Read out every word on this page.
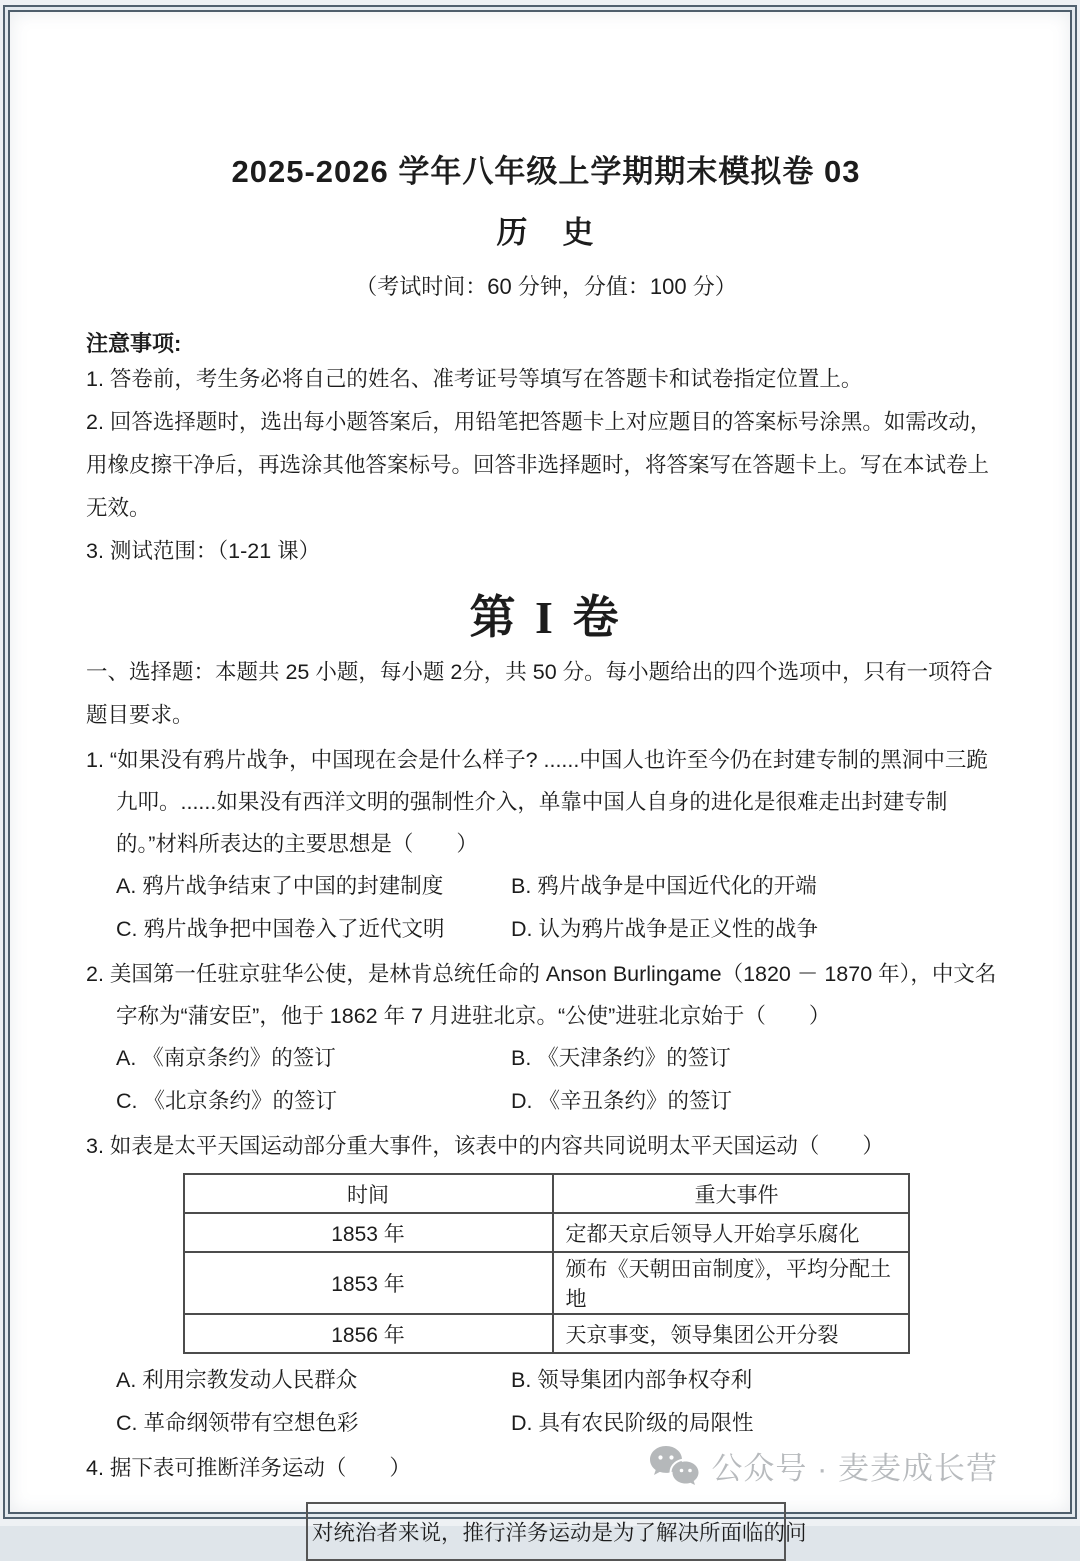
2025-2026 学年八年级上学期期末模拟卷 03
历　史

（考试时间：60 分钟，分值：100 分）

注意事项:

1. 答卷前，考生务必将自己的姓名、准考证号等填写在答题卡和试卷指定位置上。

2. 回答选择题时，选出每小题答案后，用铅笔把答题卡上对应题目的答案标号涂黑。如需改动，用橡皮擦干净后，再选涂其他答案标号。回答非选择题时，将答案写在答题卡上。写在本试卷上无效。

3. 测试范围：（1-21 课）

第 I 卷

一、选择题：本题共 25 小题，每小题 2分，共 50 分。每小题给出的四个选项中，只有一项符合题目要求。

1. “如果没有鸦片战争，中国现在会是什么样子? ......中国人也许至今仍在封建专制的黑洞中三跪九叩。......如果没有西洋文明的强制性介入，单靠中国人自身的进化是很难走出封建专制的。”材料所表达的主要思想是（　　）

A. 鸦片战争结束了中国的封建制度	B. 鸦片战争是中国近代化的开端
C. 鸦片战争把中国卷入了近代文明	D. 认为鸦片战争是正义性的战争

2. 美国第一任驻京驻华公使，是林肯总统任命的 Anson Burlingame（1820 － 1870 年），中文名字称为“蒲安臣”，他于 1862 年 7 月进驻北京。“公使”进驻北京始于（　　）

A. 《南京条约》的签订	B. 《天津条约》的签订
C. 《北京条约》的签订	D. 《辛丑条约》的签订

3. 如表是太平天国运动部分重大事件，该表中的内容共同说明太平天国运动（　　）

时间	重大事件
1853 年	定都天京后领导人开始享乐腐化
1853 年	颁布《天朝田亩制度》，平均分配土地
1856 年	天京事变，领导集团公开分裂
A. 利用宗教发动人民群众	B. 领导集团内部争权夺利
C. 革命纲领带有空想色彩	D. 具有农民阶级的局限性

4. 据下表可推断洋务运动（　　）

对统治者来说，推行洋务运动是为了解决所面临的问
公众号 · 麦麦成长营
